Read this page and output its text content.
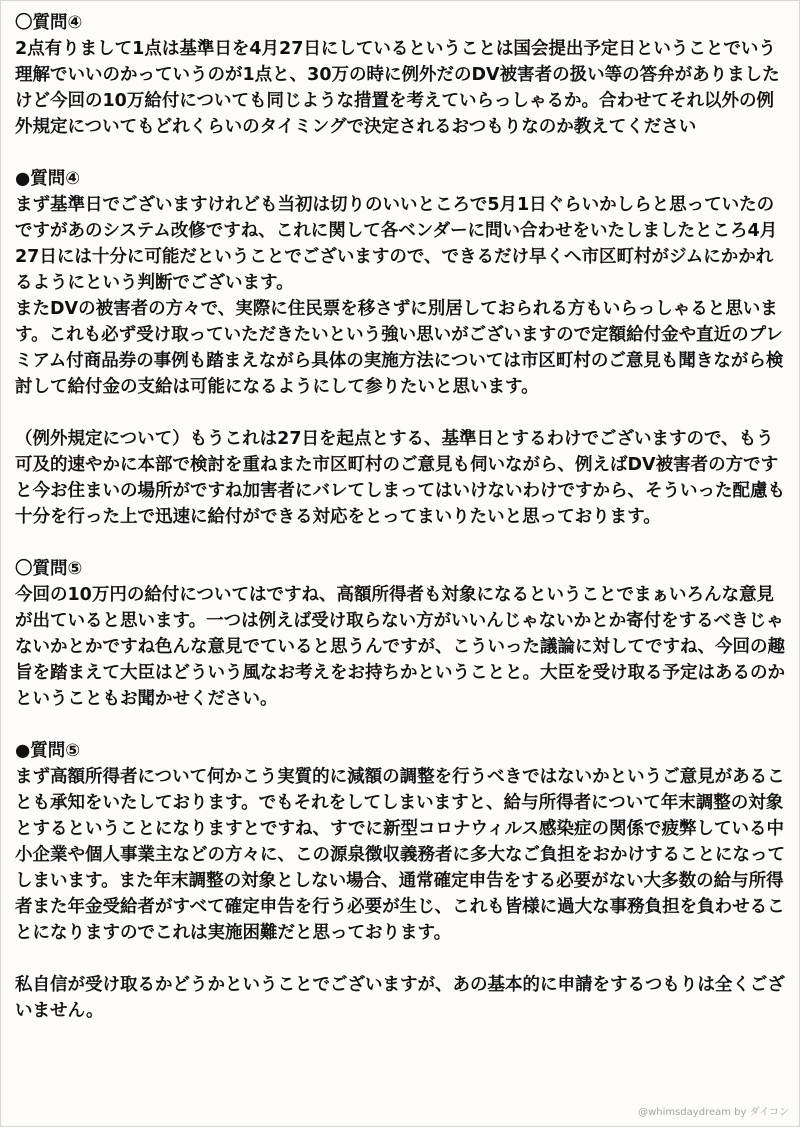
〇質問④

2点有りまして1点は基準日を4月27日にしているということは国会提出予定日ということでいう理解でいいのかっていうのが1点と、30万の時に例外だのDV被害者の扱い等の答弁がありましたけど今回の10万給付についても同じような措置を考えていらっしゃるか。合わせてそれ以外の例外規定についてもどれくらいのタイミングで決定されるおつもりなのか教えてください

●質問④

まず基準日でございますけれども当初は切りのいいところで5月1日ぐらいかしらと思っていたのですがあのシステム改修ですね、これに関して各ベンダーに問い合わせをいたしましたところ4月27日には十分に可能だということでございますので、できるだけ早くへ市区町村がジムにかかれるようにという判断でございます。

またDVの被害者の方々で、実際に住民票を移さずに別居しておられる方もいらっしゃると思います。これも必ず受け取っていただきたいという強い思いがございますので定額給付金や直近のプレミアム付商品券の事例も踏まえながら具体の実施方法については市区町村のご意見も聞きながら検討して給付金の支給は可能になるようにして参りたいと思います。

（例外規定について）もうこれは27日を起点とする、基準日とするわけでございますので、もう可及的速やかに本部で検討を重ねまた市区町村のご意見も伺いながら、例えばDV被害者の方ですと今お住まいの場所がですね加害者にバレてしまってはいけないわけですから、そういった配慮も十分を行った上で迅速に給付ができる対応をとってまいりたいと思っております。

〇質問⑤

今回の10万円の給付についてはですね、高額所得者も対象になるということでまぁいろんな意見が出ていると思います。一つは例えば受け取らない方がいいんじゃないかとか寄付をするべきじゃないかとかですね色んな意見でていると思うんですが、こういった議論に対してですね、今回の趣旨を踏まえて大臣はどういう風なお考えをお持ちかということと。大臣を受け取る予定はあるのかということもお聞かせください。

●質問⑤

まず高額所得者について何かこう実質的に減額の調整を行うべきではないかというご意見があることも承知をいたしております。でもそれをしてしまいますと、給与所得者について年末調整の対象とするということになりますとですね、すでに新型コロナウィルス感染症の関係で疲弊している中小企業や個人事業主などの方々に、この源泉徴収義務者に多大なご負担をおかけすることになってしまいます。また年末調整の対象としない場合、通常確定申告をする必要がない大多数の給与所得者また年金受給者がすべて確定申告を行う必要が生じ、これも皆様に過大な事務負担を負わせることになりますのでこれは実施困難だと思っております。

私自信が受け取るかどうかということでございますが、あの基本的に申請をするつもりは全くございません。

@whimsdaydream by ダイコン
